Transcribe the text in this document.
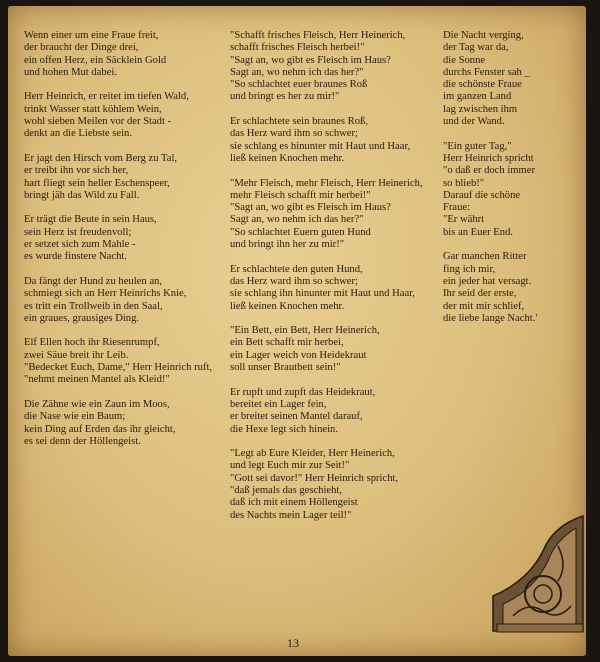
Wenn einer um eine Fraue freit,
der braucht der Dinge drei,
ein offen Herz, ein Säcklein Gold
und hohen Mut dabei.
Herr Heinrich, er reitet im tiefen Wald,
trinkt Wasser statt köhlem Wein,
wohl sieben Meilen vor der Stadt -
denkt an die Liebste sein.
Er jagt den Hirsch vom Berg zu Tal,
er treibt ihn vor sich her,
hart fliegt sein heller Eschenspeer,
bringt jäh das Wild zu Fall.
Er trägt die Beute in sein Haus,
sein Herz ist freudenvoll;
er setzet sich zum Mahle -
es wurde finstere Nacht.
Da fängt der Hund zu heulen an,
schmiegt sich an Herr Heinrichs Knie,
es tritt ein Trollweib in den Saal,
ein graues, grausiges Ding.
Elf Ellen hoch ihr Riesenrumpf,
zwei Säue breit ihr Leib.
"Bedecket Euch, Dame," Herr Heinrich ruft,
"nehmt meinen Mantel als Kleid!"
Die Zähne wie ein Zaun im Moos,
die Nase wie ein Baum;
kein Ding auf Erden das ihr gleicht,
es sei denn der Höllengeist.
"Schafft frisches Fleisch, Herr Heinerich,
schafft frisches Fleisch herbei!"
"Sagt an, wo gibt es Fleisch im Haus?
Sagt an, wo nehm ich das her?"
"So schlachtet euer braunes Roß
und bringt es her zu mir!"
Er schlachtete sein braunes Roß,
das Herz ward ihm so schwer;
sie schlang es hinunter mit Haut und Haar,
ließ keinen Knochen mehr.
"Mehr Fleisch, mehr Fleisch, Herr Heinerich,
mehr Fleisch schafft mir herbei!"
"Sagt an, wo gibt es Fleisch im Haus?
Sagt an, wo nehm ich das her?"
"So schlachtet Euern guten Hund
und bringt ihn her zu mir!"
Er schlachtete den guten Hund,
das Herz ward ihm so schwer;
sie schlang ihn hinunter mit Haut und Haar,
ließ keinen Knochen mehr.
"Ein Bett, ein Bett, Herr Heinerich,
ein Bett schafft mir herbei,
ein Lager weich von Heidekraut
soll unser Brautbett sein!"
Er rupft und zupft das Heidekraut,
bereitet ein Lager fein,
er breitet seinen Mantel darauf,
die Hexe legt sich hinein.
"Legt ab Eure Kleider, Herr Heinerich,
und legt Euch mir zur Seit!"
"Gott sei davor!" Herr Heinrich spricht,
"daß jemals das geschieht,
daß ich mit einem Höllengeist
des Nachts mein Lager teil!"
Die Nacht verging,
der Tag war da,
die Sonne
durchs Fenster sah _
die schönste Fraue
im ganzen Land
lag zwischen ihm
und der Wand.
"Ein guter Tag,"
Herr Heinrich spricht
"o daß er doch immer
so blieb!"
Darauf die schöne
Fraue:
"Er währt
bis an Euer End.
Gar manchen Ritter
fing ich mir,
ein jeder hat versagt.
Ihr seid der erste,
der mit mir schlief,
die liebe lange Nacht.'
13
